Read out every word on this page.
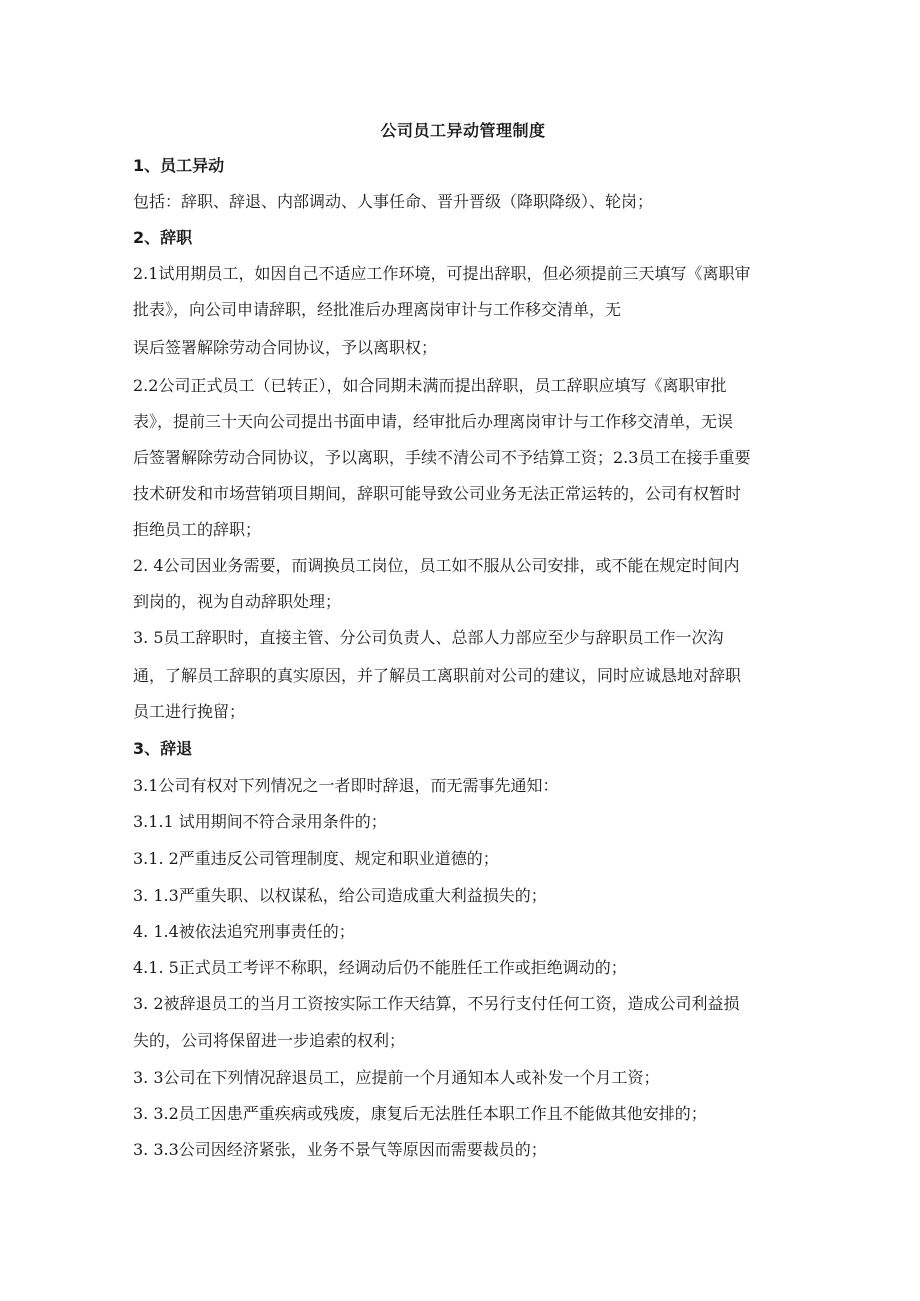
公司员工异动管理制度
1、员工异动
包括：辞职、辞退、内部调动、人事任命、晋升晋级（降职降级）、轮岗；
2、辞职
2.1试用期员工，如因自己不适应工作环境，可提出辞职，但必须提前三天填写《离职审
批表》，向公司申请辞职，经批准后办理离岗审计与工作移交清单，无
误后签署解除劳动合同协议，予以离职权；
2.2公司正式员工（已转正），如合同期未满而提出辞职，员工辞职应填写《离职审批
表》，提前三十天向公司提出书面申请，经审批后办理离岗审计与工作移交清单，无误
后签署解除劳动合同协议，予以离职，手续不清公司不予结算工资；2.3员工在接手重要
技术研发和市场营销项目期间，辞职可能导致公司业务无法正常运转的，公司有权暂时
拒绝员工的辞职；
2. 4公司因业务需要，而调换员工岗位，员工如不服从公司安排，或不能在规定时间内
到岗的，视为自动辞职处理；
3. 5员工辞职时，直接主管、分公司负责人、总部人力部应至少与辞职员工作一次沟
通，了解员工辞职的真实原因，并了解员工离职前对公司的建议，同时应诚恳地对辞职
员工进行挽留；
3、辞退
3.1公司有权对下列情况之一者即时辞退，而无需事先通知：
3.1.1 试用期间不符合录用条件的；
3.1. 2严重违反公司管理制度、规定和职业道德的；
3. 1.3严重失职、以权谋私，给公司造成重大利益损失的；
4. 1.4被依法追究刑事责任的；
4.1. 5正式员工考评不称职，经调动后仍不能胜任工作或拒绝调动的；
3. 2被辞退员工的当月工资按实际工作天结算，不另行支付任何工资，造成公司利益损
失的，公司将保留进一步追索的权利；
3. 3公司在下列情况辞退员工，应提前一个月通知本人或补发一个月工资；
3. 3.2员工因患严重疾病或残废，康复后无法胜任本职工作且不能做其他安排的；
3. 3.3公司因经济紧张，业务不景气等原因而需要裁员的；
